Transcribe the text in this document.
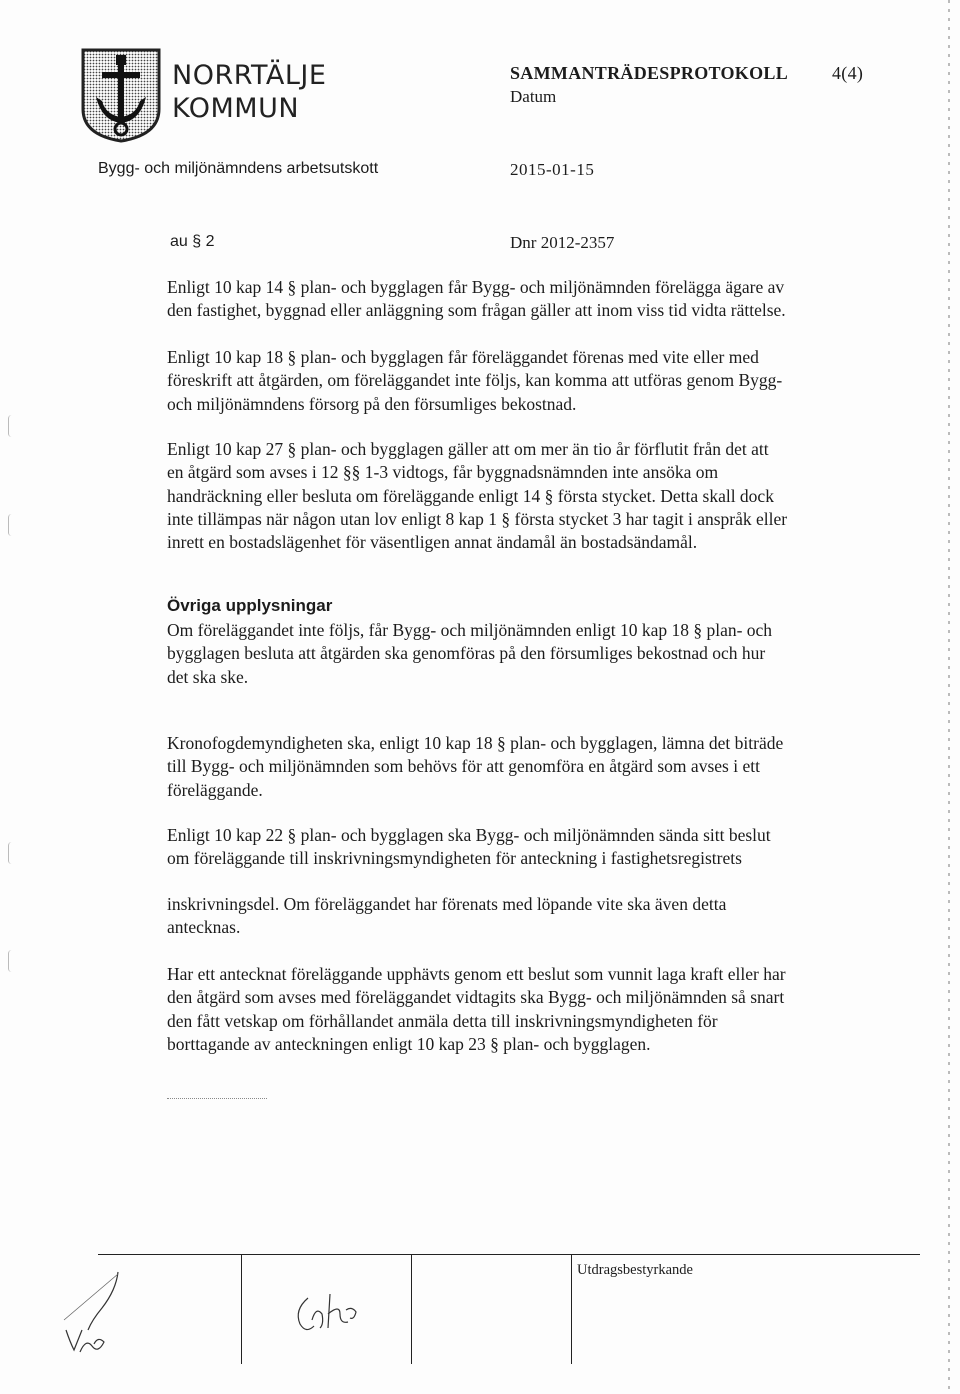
NORRTÄLJE
KOMMUN
SAMMANTRÄDESPROTOKOLL 4(4)
Datum
Bygg- och miljönämndens arbetsutskott	2015-01-15
au § 2	Dnr 2012-2357
Enligt 10 kap 14 § plan- och bygglagen får Bygg- och miljönämnden förelägga ägare av
den fastighet, byggnad eller anläggning som frågan gäller att inom viss tid vidta rättelse.
Enligt 10 kap 18 § plan- och bygglagen får föreläggandet förenas med vite eller med
föreskrift att åtgärden, om föreläggandet inte följs, kan komma att utföras genom Bygg-
och miljönämndens försorg på den försumliges bekostnad.
Enligt 10 kap 27 § plan- och bygglagen gäller att om mer än tio år förflutit från det att
en åtgärd som avses i 12 §§ 1-3 vidtogs, får byggnadsnämnden inte ansöka om
handräckning eller besluta om föreläggande enligt 14 § första stycket. Detta skall dock
inte tillämpas när någon utan lov enligt 8 kap 1 § första stycket 3 har tagit i anspråk eller
inrett en bostadslägenhet för väsentligen annat ändamål än bostadsändamål.
Övriga upplysningar
Om föreläggandet inte följs, får Bygg- och miljönämnden enligt 10 kap 18 § plan- och
bygglagen besluta att åtgärden ska genomföras på den försumliges bekostnad och hur
det ska ske.
Kronofogdemyndigheten ska, enligt 10 kap 18 § plan- och bygglagen, lämna det biträde
till Bygg- och miljönämnden som behövs för att genomföra en åtgärd som avses i ett
föreläggande.
Enligt 10 kap 22 § plan- och bygglagen ska Bygg- och miljönämnden sända sitt beslut
om föreläggande till inskrivningsmyndigheten för anteckning i fastighetsregistrets
inskrivningsdel. Om föreläggandet har förenats med löpande vite ska även detta
antecknas.
Har ett antecknat föreläggande upphävts genom ett beslut som vunnit laga kraft eller har
den åtgärd som avses med föreläggandet vidtagits ska Bygg- och miljönämnden så snart
den fått vetskap om förhållandet anmäla detta till inskrivningsmyndigheten för
borttagande av anteckningen enligt 10 kap 23 § plan- och bygglagen.
Utdragsbestyrkande
